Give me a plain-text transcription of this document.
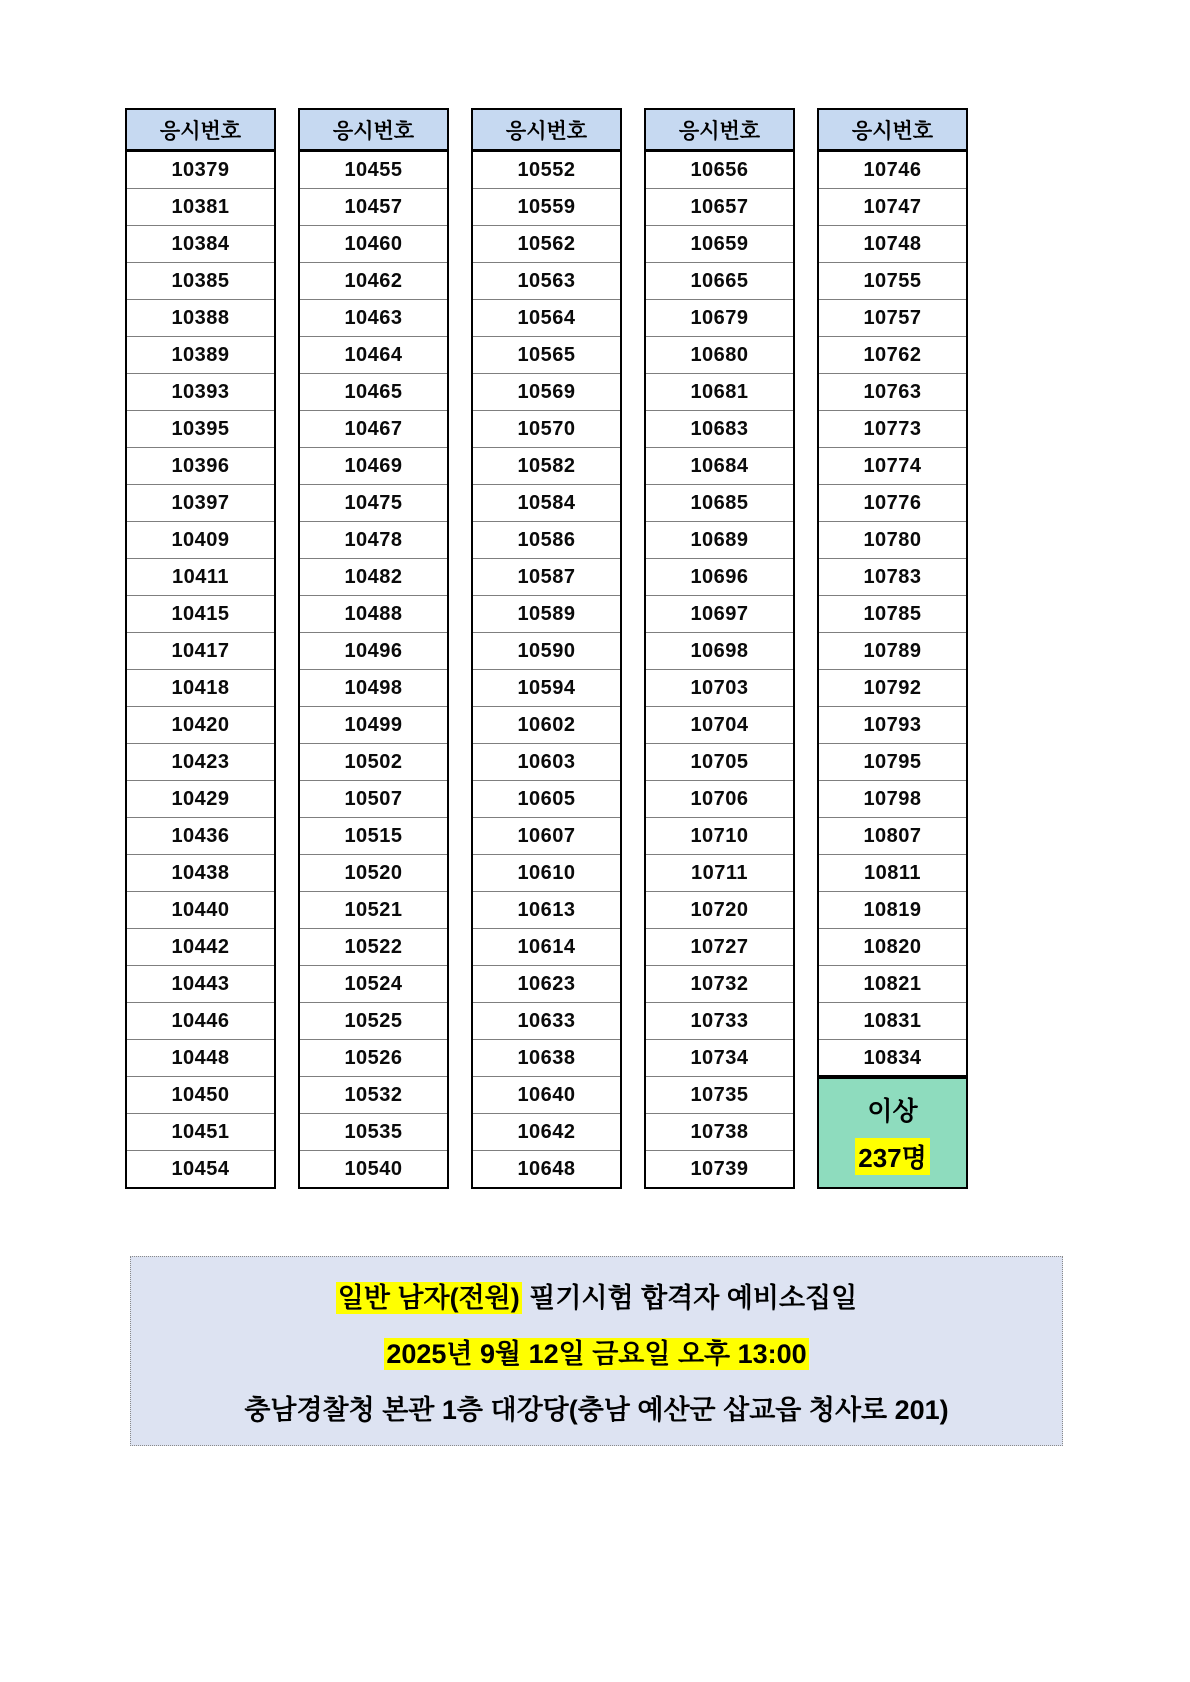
응시번호
10379
10381
10384
10385
10388
10389
10393
10395
10396
10397
10409
10411
10415
10417
10418
10420
10423
10429
10436
10438
10440
10442
10443
10446
10448
10450
10451
10454
응시번호
10455
10457
10460
10462
10463
10464
10465
10467
10469
10475
10478
10482
10488
10496
10498
10499
10502
10507
10515
10520
10521
10522
10524
10525
10526
10532
10535
10540
응시번호
10552
10559
10562
10563
10564
10565
10569
10570
10582
10584
10586
10587
10589
10590
10594
10602
10603
10605
10607
10610
10613
10614
10623
10633
10638
10640
10642
10648
응시번호
10656
10657
10659
10665
10679
10680
10681
10683
10684
10685
10689
10696
10697
10698
10703
10704
10705
10706
10710
10711
10720
10727
10732
10733
10734
10735
10738
10739
응시번호
10746
10747
10748
10755
10757
10762
10763
10773
10774
10776
10780
10783
10785
10789
10792
10793
10795
10798
10807
10811
10819
10820
10821
10831
10834
이상
237명
일반 남자(전원) 필기시험 합격자 예비소집일
2025년 9월 12일 금요일 오후 13:00
충남경찰청 본관 1층 대강당(충남 예산군 삽교읍 청사로 201)
